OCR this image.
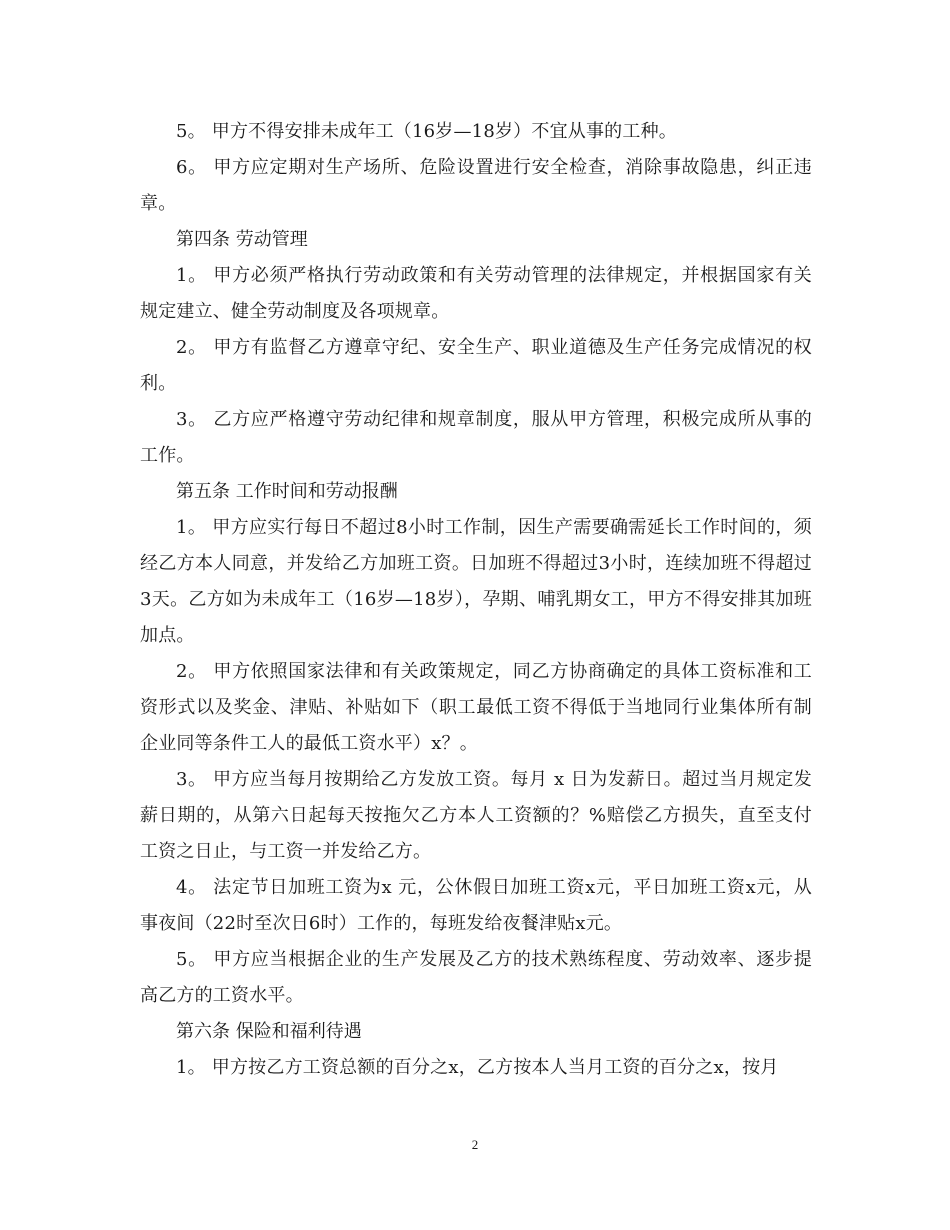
5。 甲方不得安排未成年工（16岁—18岁）不宜从事的工种。

6。 甲方应定期对生产场所、危险设置进行安全检查，消除事故隐患，纠正违章。

第四条 劳动管理

1。 甲方必须严格执行劳动政策和有关劳动管理的法律规定，并根据国家有关规定建立、健全劳动制度及各项规章。

2。 甲方有监督乙方遵章守纪、安全生产、职业道德及生产任务完成情况的权利。

3。 乙方应严格遵守劳动纪律和规章制度，服从甲方管理，积极完成所从事的工作。

第五条 工作时间和劳动报酬

1。 甲方应实行每日不超过8小时工作制，因生产需要确需延长工作时间的，须经乙方本人同意，并发给乙方加班工资。日加班不得超过3小时，连续加班不得超过3天。乙方如为未成年工（16岁—18岁），孕期、哺乳期女工，甲方不得安排其加班加点。

2。 甲方依照国家法律和有关政策规定，同乙方协商确定的具体工资标准和工资形式以及奖金、津贴、补贴如下（职工最低工资不得低于当地同行业集体所有制企业同等条件工人的最低工资水平）x？。

3。 甲方应当每月按期给乙方发放工资。每月 x 日为发薪日。超过当月规定发薪日期的，从第六日起每天按拖欠乙方本人工资额的？%赔偿乙方损失，直至支付工资之日止，与工资一并发给乙方。

4。 法定节日加班工资为x 元，公休假日加班工资x元，平日加班工资x元，从事夜间（22时至次日6时）工作的，每班发给夜餐津贴x元。

5。 甲方应当根据企业的生产发展及乙方的技术熟练程度、劳动效率、逐步提高乙方的工资水平。

第六条 保险和福利待遇

1。 甲方按乙方工资总额的百分之x，乙方按本人当月工资的百分之x，按月

2
